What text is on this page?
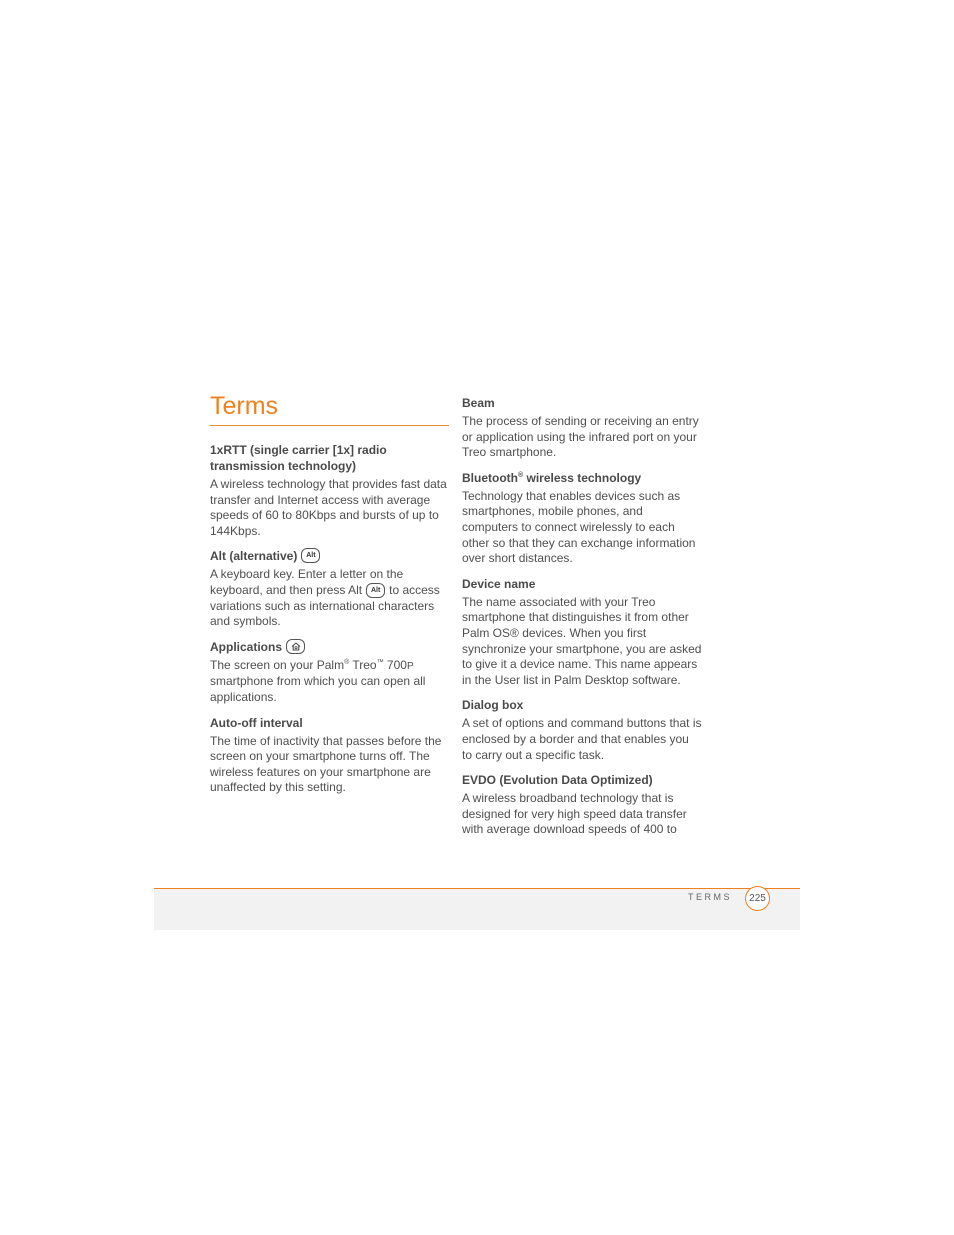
Terms

1xRTT (single carrier [1x] radio transmission technology)

A wireless technology that provides fast data transfer and Internet access with average speeds of 60 to 80Kbps and bursts of up to 144Kbps.

Alt (alternative) Alt

A keyboard key. Enter a letter on the keyboard, and then press Alt Alt to access variations such as international characters and symbols.

Applications

The screen on your Palm® Treo™ 700P smartphone from which you can open all applications.

Auto-off interval

The time of inactivity that passes before the screen on your smartphone turns off. The wireless features on your smartphone are unaffected by this setting.

Beam

The process of sending or receiving an entry or application using the infrared port on your Treo smartphone.

Bluetooth® wireless technology

Technology that enables devices such as smartphones, mobile phones, and computers to connect wirelessly to each other so that they can exchange information over short distances.

Device name

The name associated with your Treo smartphone that distinguishes it from other Palm OS® devices. When you first synchronize your smartphone, you are asked to give it a device name. This name appears in the User list in Palm Desktop software.

Dialog box

A set of options and command buttons that is enclosed by a border and that enables you to carry out a specific task.

EVDO (Evolution Data Optimized)

A wireless broadband technology that is designed for very high speed data transfer with average download speeds of 400 to

TERMS	225
